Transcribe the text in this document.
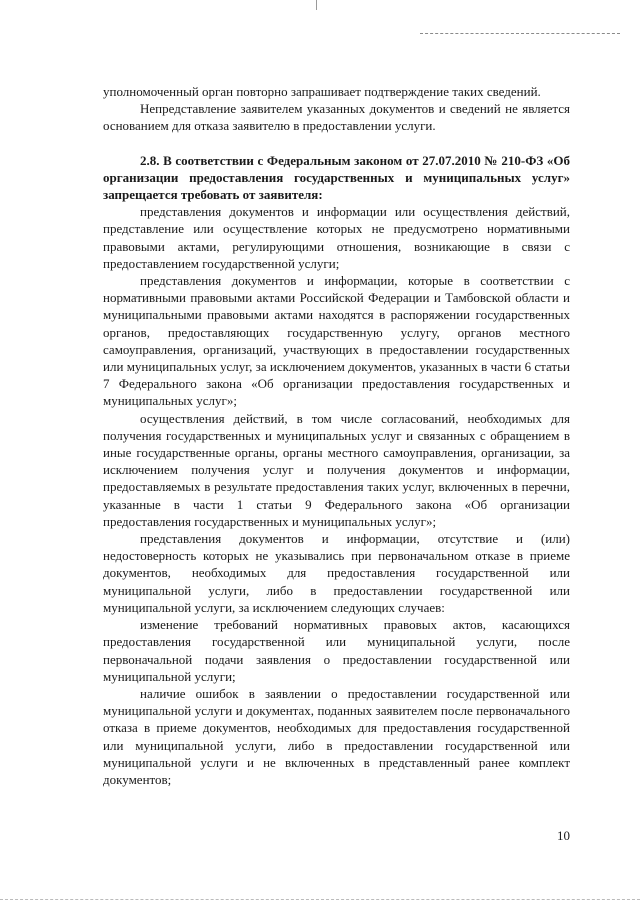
уполномоченный орган повторно запрашивает подтверждение таких сведений.

Непредставление заявителем указанных документов и сведений не является основанием для отказа заявителю в предоставлении услуги.

2.8. В соответствии с Федеральным законом от 27.07.2010 № 210-ФЗ «Об организации предоставления государственных и муниципальных услуг» запрещается требовать от заявителя:

представления документов и информации или осуществления действий, представление или осуществление которых не предусмотрено нормативными правовыми актами, регулирующими отношения, возникающие в связи с предоставлением государственной услуги;

представления документов и информации, которые в соответствии с нормативными правовыми актами Российской Федерации и Тамбовской области и муниципальными правовыми актами находятся в распоряжении государственных органов, предоставляющих государственную услугу, органов местного самоуправления, организаций, участвующих в предоставлении государственных или муниципальных услуг, за исключением документов, указанных в части 6 статьи 7 Федерального закона «Об организации предоставления государственных и муниципальных услуг»;

осуществления действий, в том числе согласований, необходимых для получения государственных и муниципальных услуг и связанных с обращением в иные государственные органы, органы местного самоуправления, организации, за исключением получения услуг и получения документов и информации, предоставляемых в результате предоставления таких услуг, включенных в перечни, указанные в части 1 статьи 9 Федерального закона «Об организации предоставления государственных и муниципальных услуг»;

представления документов и информации, отсутствие и (или) недостоверность которых не указывались при первоначальном отказе в приеме документов, необходимых для предоставления государственной или муниципальной услуги, либо в предоставлении государственной или муниципальной услуги, за исключением следующих случаев:

изменение требований нормативных правовых актов, касающихся предоставления государственной или муниципальной услуги, после первоначальной подачи заявления о предоставлении государственной или муниципальной услуги;

наличие ошибок в заявлении о предоставлении государственной или муниципальной услуги и документах, поданных заявителем после первоначального отказа в приеме документов, необходимых для предоставления государственной или муниципальной услуги, либо в предоставлении государственной или муниципальной услуги и не включенных в представленный ранее комплект документов;

10
